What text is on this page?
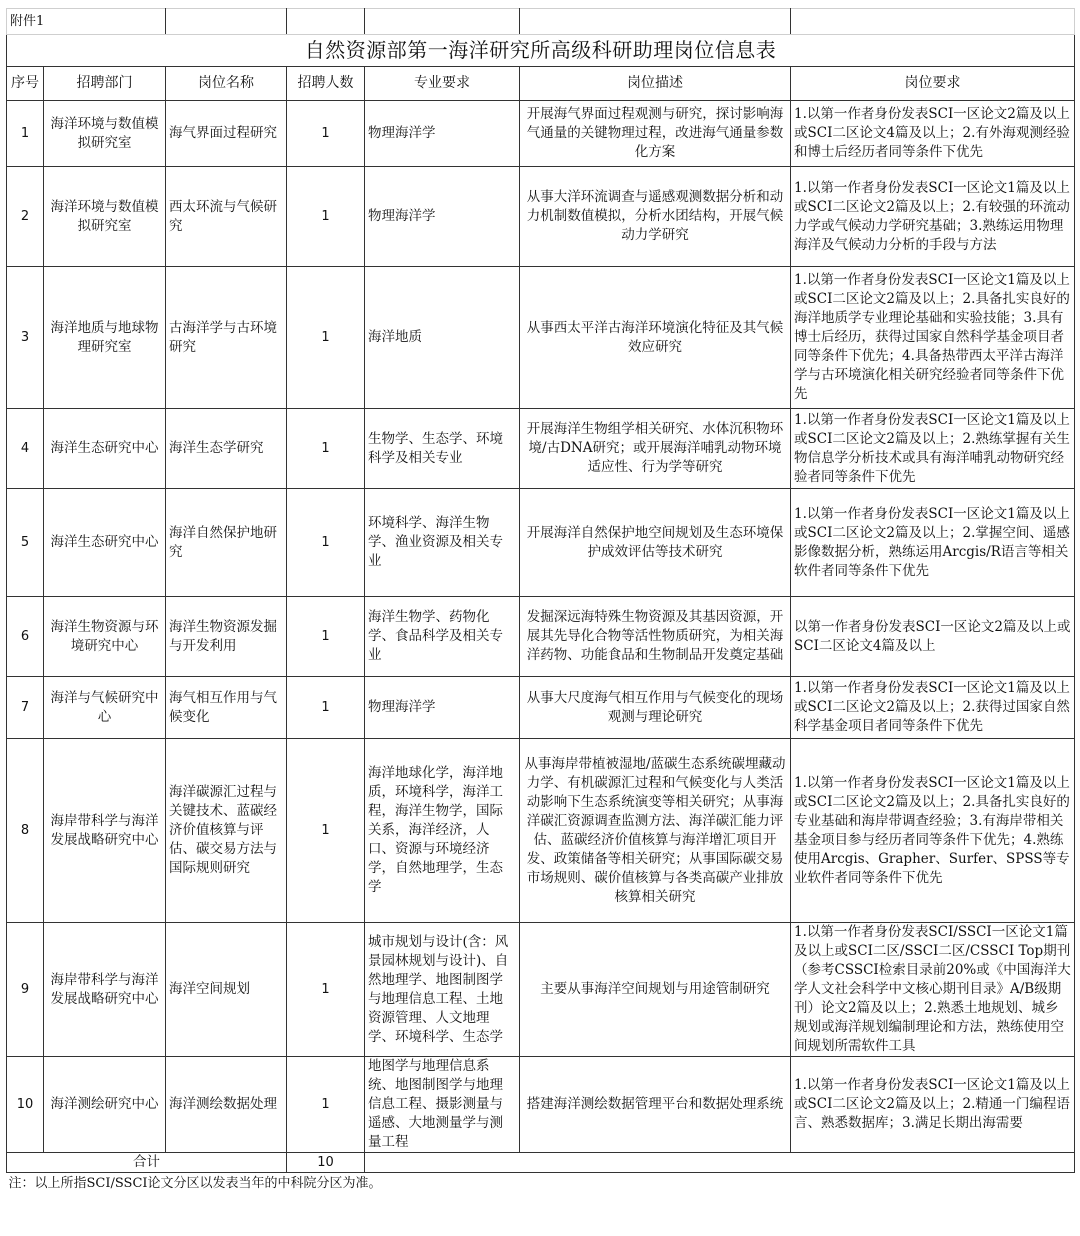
附件1						
自然资源部第一海洋研究所高级科研助理岗位信息表						
序号	招聘部门	岗位名称	招聘人数	专业要求	岗位描述	岗位要求
1	海洋环境与数值模拟研究室	海气界面过程研究	1	物理海洋学	开展海气界面过程观测与研究，探讨影响海气通量的关键物理过程，改进海气通量参数化方案	1.以第一作者身份发表SCI一区论文2篇及以上或SCI二区论文4篇及以上；2.有外海观测经验和博士后经历者同等条件下优先
2	海洋环境与数值模拟研究室	西太环流与气候研究	1	物理海洋学	从事大洋环流调查与遥感观测数据分析和动力机制数值模拟，分析水团结构，开展气候动力学研究	1.以第一作者身份发表SCI一区论文1篇及以上或SCI二区论文2篇及以上；2.有较强的环流动力学或气候动力学研究基础；3.熟练运用物理海洋及气候动力分析的手段与方法
3	海洋地质与地球物理研究室	古海洋学与古环境研究	1	海洋地质	从事西太平洋古海洋环境演化特征及其气候效应研究	1.以第一作者身份发表SCI一区论文1篇及以上或SCI二区论文2篇及以上；2.具备扎实良好的海洋地质学专业理论基础和实验技能；3.具有博士后经历，获得过国家自然科学基金项目者同等条件下优先；4.具备热带西太平洋古海洋学与古环境演化相关研究经验者同等条件下优先
4	海洋生态研究中心	海洋生态学研究	1	生物学、生态学、环境科学及相关专业	开展海洋生物组学相关研究、水体沉积物环境/古DNA研究；或开展海洋哺乳动物环境适应性、行为学等研究	1.以第一作者身份发表SCI一区论文1篇及以上或SCI二区论文2篇及以上；2.熟练掌握有关生物信息学分析技术或具有海洋哺乳动物研究经验者同等条件下优先
5	海洋生态研究中心	海洋自然保护地研究	1	环境科学、海洋生物学、渔业资源及相关专业	开展海洋自然保护地空间规划及生态环境保护成效评估等技术研究	1.以第一作者身份发表SCI一区论文1篇及以上或SCI二区论文2篇及以上；2.掌握空间、遥感影像数据分析，熟练运用Arcgis/R语言等相关软件者同等条件下优先
6	海洋生物资源与环境研究中心	海洋生物资源发掘与开发利用	1	海洋生物学、药物化学、食品科学及相关专业	发掘深远海特殊生物资源及其基因资源，开展其先导化合物等活性物质研究，为相关海洋药物、功能食品和生物制品开发奠定基础	以第一作者身份发表SCI一区论文2篇及以上或SCI二区论文4篇及以上
7	海洋与气候研究中心	海气相互作用与气候变化	1	物理海洋学	从事大尺度海气相互作用与气候变化的现场观测与理论研究	1.以第一作者身份发表SCI一区论文1篇及以上或SCI二区论文2篇及以上；2.获得过国家自然科学基金项目者同等条件下优先
8	海岸带科学与海洋发展战略研究中心	海洋碳源汇过程与关键技术、蓝碳经济价值核算与评估、碳交易方法与国际规则研究	1	海洋地球化学，海洋地质，环境科学，海洋工程，海洋生物学，国际关系，海洋经济，人口、资源与环境经济学，自然地理学，生态学	从事海岸带植被湿地/蓝碳生态系统碳埋藏动力学、有机碳源汇过程和气候变化与人类活动影响下生态系统演变等相关研究；从事海洋碳汇资源调查监测方法、海洋碳汇能力评估、蓝碳经济价值核算与海洋增汇项目开发、政策储备等相关研究；从事国际碳交易市场规则、碳价值核算与各类高碳产业排放核算相关研究	1.以第一作者身份发表SCI一区论文1篇及以上或SCI二区论文2篇及以上；2.具备扎实良好的专业基础和海岸带调查经验；3.有海岸带相关基金项目参与经历者同等条件下优先；4.熟练使用Arcgis、Grapher、Surfer、SPSS等专业软件者同等条件下优先
9	海岸带科学与海洋发展战略研究中心	海洋空间规划	1	城市规划与设计(含：风景园林规划与设计)、自然地理学、地图制图学与地理信息工程、土地资源管理、人文地理学、环境科学、生态学	主要从事海洋空间规划与用途管制研究	1.以第一作者身份发表SCI/SSCI一区论文1篇及以上或SCI二区/SSCI二区/CSSCI Top期刊（参考CSSCI检索目录前20%或《中国海洋大学人文社会科学中文核心期刊目录》A/B级期刊）论文2篇及以上；2.熟悉土地规划、城乡规划或海洋规划编制理论和方法，熟练使用空间规划所需软件工具
10	海洋测绘研究中心	海洋测绘数据处理	1	地图学与地理信息系统、地图制图学与地理信息工程、摄影测量与遥感、大地测量学与测量工程	搭建海洋测绘数据管理平台和数据处理系统	1.以第一作者身份发表SCI一区论文1篇及以上或SCI二区论文2篇及以上；2.精通一门编程语言、熟悉数据库；3.满足长期出海需要
合计			10			
注：以上所指SCI/SSCI论文分区以发表当年的中科院分区为准。						
